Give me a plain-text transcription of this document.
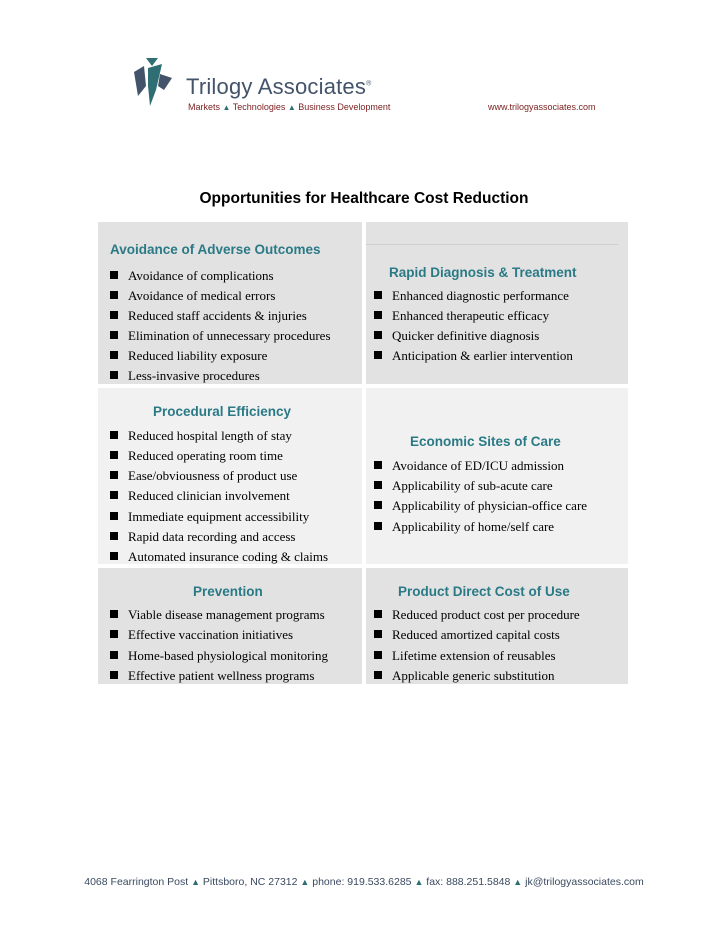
Trilogy Associates®
Markets ▲ Technologies ▲ Business Development	www.trilogyassociates.com
Opportunities for Healthcare Cost Reduction
Avoidance of Adverse Outcomes
Avoidance of complications
Avoidance of medical errors
Reduced staff accidents & injuries
Elimination of unnecessary procedures
Reduced liability exposure
Less-invasive procedures
Rapid Diagnosis & Treatment
Enhanced diagnostic performance
Enhanced therapeutic efficacy
Quicker definitive diagnosis
Anticipation & earlier intervention
Procedural Efficiency
Reduced hospital length of stay
Reduced operating room time
Ease/obviousness of product use
Reduced clinician involvement
Immediate equipment accessibility
Rapid data recording and access
Automated insurance coding & claims
Economic Sites of Care
Avoidance of ED/ICU admission
Applicability of sub-acute care
Applicability of physician-office care
Applicability of home/self care
Prevention
Viable disease management programs
Effective vaccination initiatives
Home-based physiological monitoring
Effective patient wellness programs
Product Direct Cost of Use
Reduced product cost per procedure
Reduced amortized capital costs
Lifetime extension of reusables
Applicable generic substitution
4068 Fearrington Post ▲ Pittsboro, NC 27312 ▲ phone: 919.533.6285 ▲ fax: 888.251.5848 ▲ jk@trilogyassociates.com
